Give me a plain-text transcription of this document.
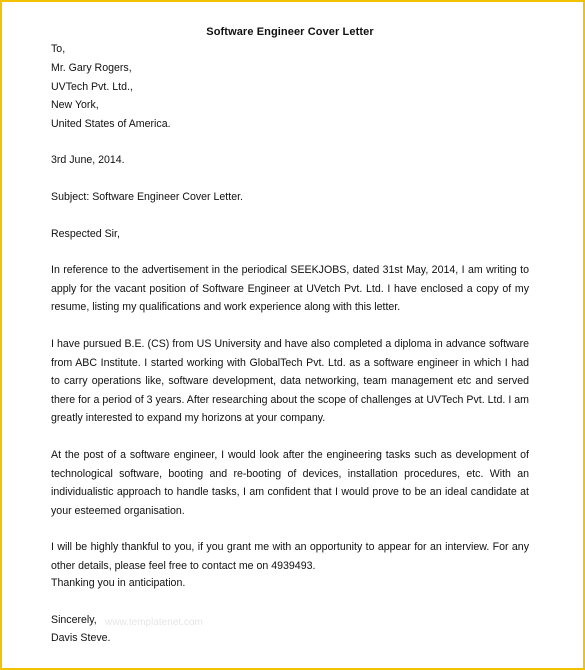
Software Engineer Cover Letter
To,
Mr. Gary Rogers,
UVTech Pvt. Ltd.,
New York,
United States of America.
3rd June, 2014.
Subject: Software Engineer Cover Letter.
Respected Sir,
In reference to the advertisement in the periodical SEEKJOBS, dated 31st May, 2014, I am writing to apply for the vacant position of Software Engineer at UVetch Pvt. Ltd. I have enclosed a copy of my resume, listing my qualifications and work experience along with this letter.
I have pursued B.E. (CS) from US University and have also completed a diploma in advance software from ABC Institute. I started working with GlobalTech Pvt. Ltd. as a software engineer in which I had to carry operations like, software development, data networking, team management etc and served there for a period of 3 years. After researching about the scope of challenges at UVTech Pvt. Ltd. I am greatly interested to expand my horizons at your company.
At the post of a software engineer, I would look after the engineering tasks such as development of technological software, booting and re-booting of devices, installation procedures, etc. With an individualistic approach to handle tasks, I am confident that I would prove to be an ideal candidate at your esteemed organisation.
I will be highly thankful to you, if you grant me with an opportunity to appear for an interview. For any other details, please feel free to contact me on 4939493.
Thanking you in anticipation.
Sincerely,
Davis Steve.
www.templatenet.com
